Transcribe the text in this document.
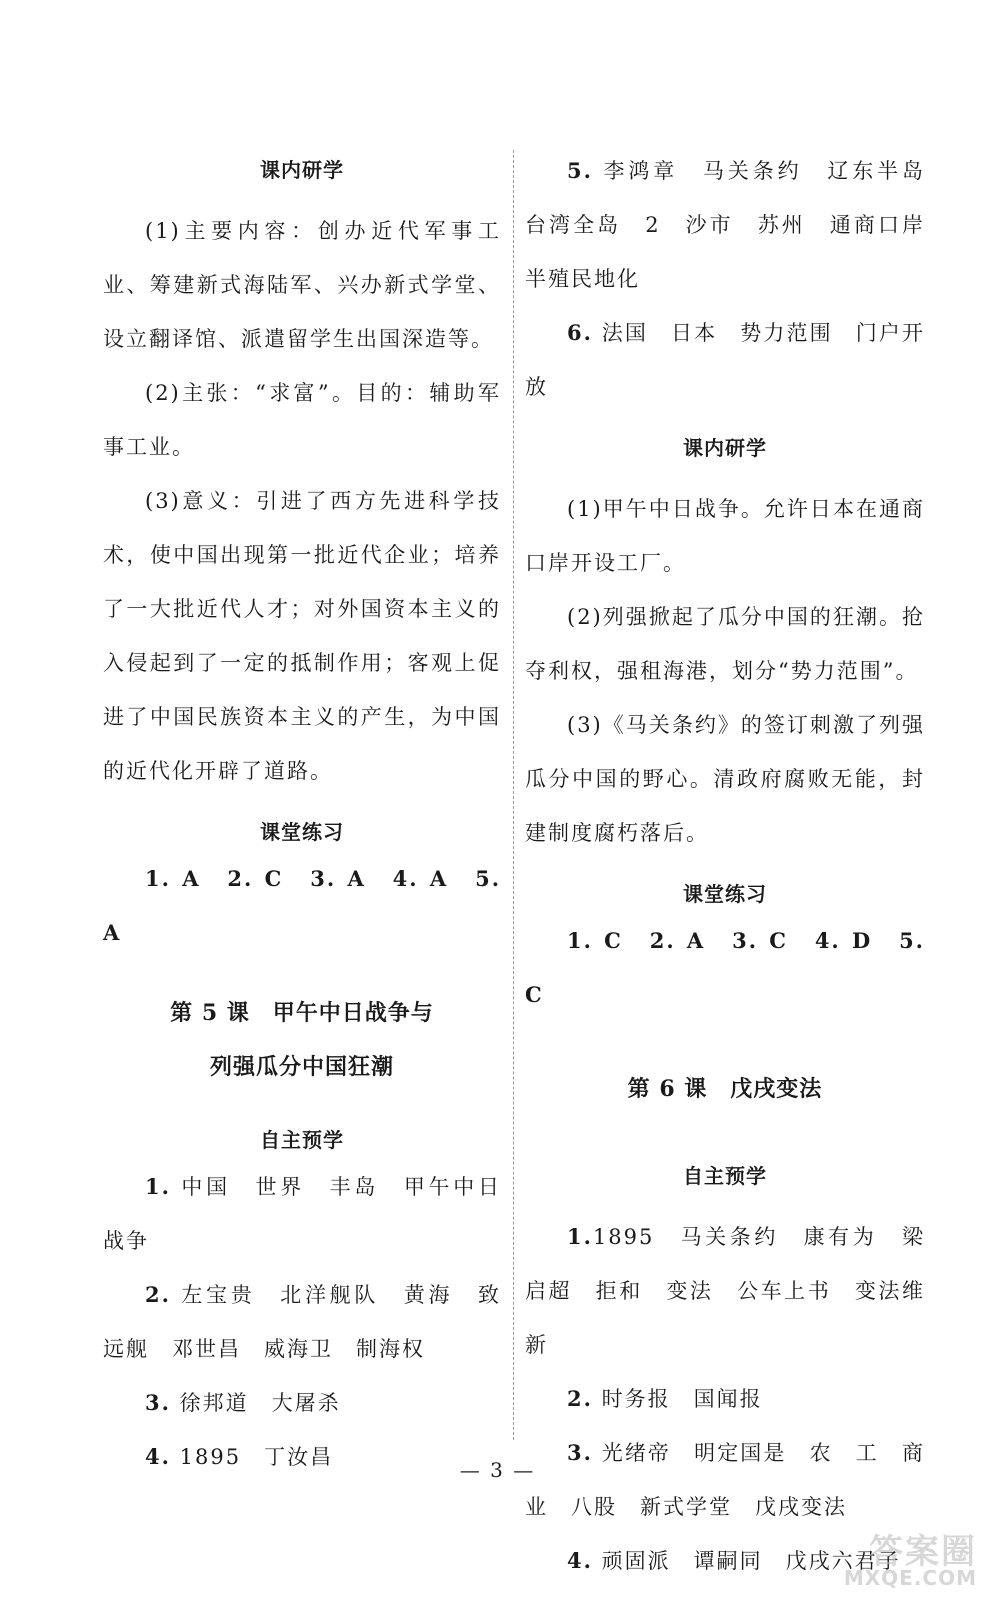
课内研学
(1)主要内容：创办近代军事工业、筹建新式海陆军、兴办新式学堂、设立翻译馆、派遣留学生出国深造等。
(2)主张：“求富”。目的：辅助军事工业。
(3)意义：引进了西方先进科学技术，使中国出现第一批近代企业；培养了一大批近代人才；对外国资本主义的入侵起到了一定的抵制作用；客观上促进了中国民族资本主义的产生，为中国的近代化开辟了道路。
课堂练习
1. A　2. C　3. A　4. A　5. A
第 5 课　甲午中日战争与
列强瓜分中国狂潮
自主预学
1. 中国　世界　丰岛　甲午中日战争
2. 左宝贵　北洋舰队　黄海　致远舰　邓世昌　威海卫　制海权
3. 徐邦道　大屠杀
4. 1895　丁汝昌
5. 李鸿章　马关条约　辽东半岛　台湾全岛　2　沙市　苏州　通商口岸　半殖民地化
6. 法国　日本　势力范围　门户开放
课内研学
(1)甲午中日战争。允许日本在通商口岸开设工厂。
(2)列强掀起了瓜分中国的狂潮。抢夺利权，强租海港，划分“势力范围”。
(3)《马关条约》的签订刺激了列强瓜分中国的野心。清政府腐败无能，封建制度腐朽落后。
课堂练习
1. C　2. A　3. C　4. D　5. C
第 6 课　戊戌变法
自主预学
1.1895　马关条约　康有为　梁启超　拒和　变法　公车上书　变法维新
2. 时务报　国闻报
3. 光绪帝　明定国是　农　工　商业　八股　新式学堂　戊戌变法
4. 顽固派　谭嗣同　戊戌六君子
— 3 —
答案圈
MXQE.COM
